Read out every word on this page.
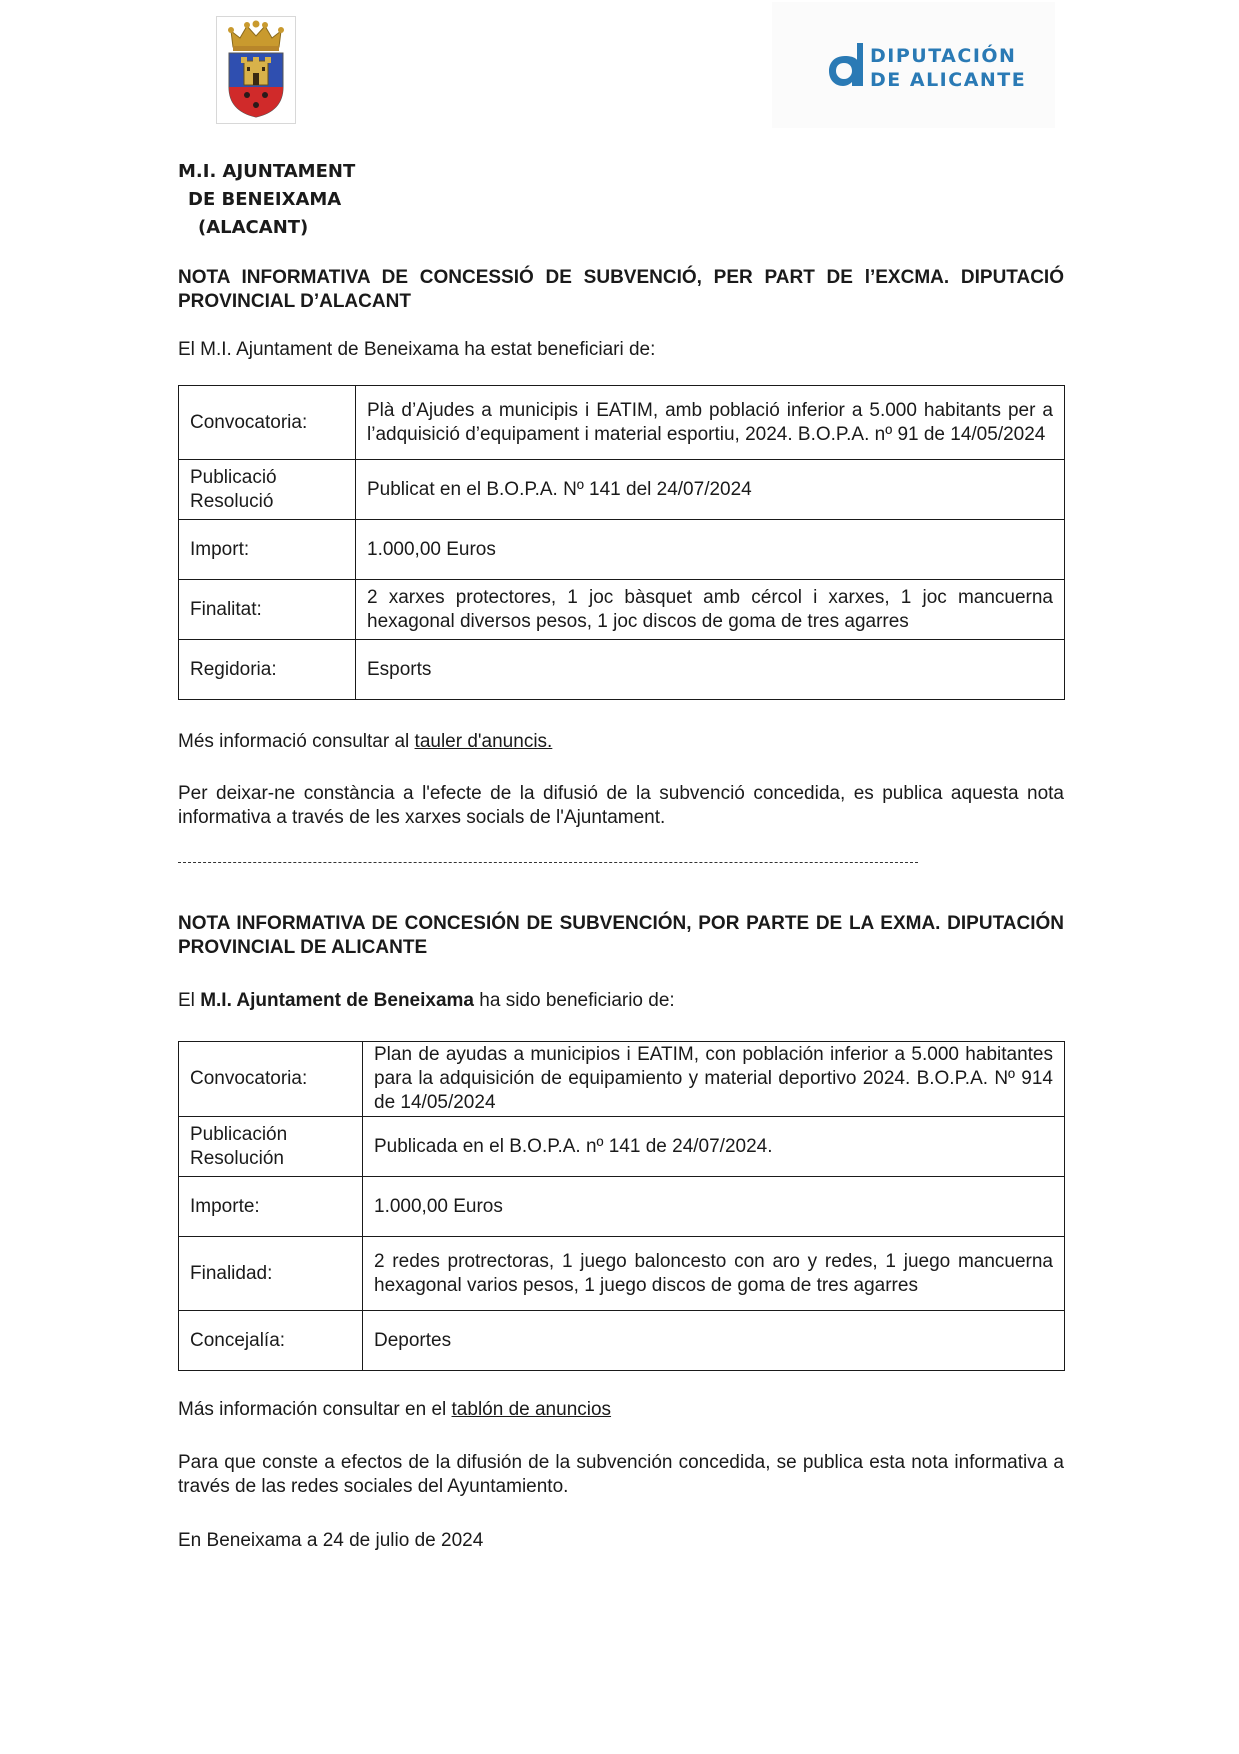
DIPUTACIÓN
DE ALICANTE
M.I. AJUNTAMENT
DE BENEIXAMA
(ALACANT)
NOTA INFORMATIVA DE CONCESSIÓ DE SUBVENCIÓ, PER PART DE l’EXCMA. DIPUTACIÓ PROVINCIAL D’ALACANT
El M.I. Ajuntament de Beneixama ha estat beneficiari de:
Convocatoria:	Plà d’Ajudes a municipis i EATIM, amb població inferior a 5.000 habitants per a l’adquisició d’equipament i material esportiu, 2024. B.O.P.A. nº 91 de 14/05/2024
Publicació Resolució	Publicat en el B.O.P.A. Nº 141 del 24/07/2024
Import:	1.000,00 Euros
Finalitat:	2 xarxes protectores, 1 joc bàsquet amb cércol i xarxes, 1 joc mancuerna hexagonal diversos pesos, 1 joc discos de goma de tres agarres
Regidoria:	Esports
Més informació consultar al tauler d'anuncis.
Per deixar-ne constància a l'efecte de la difusió de la subvenció concedida, es publica aquesta nota informativa a través de les xarxes socials de l'Ajuntament.
NOTA INFORMATIVA DE CONCESIÓN DE SUBVENCIÓN, POR PARTE DE LA EXMA. DIPUTACIÓN PROVINCIAL DE ALICANTE
El M.I. Ajuntament de Beneixama ha sido beneficiario de:
Convocatoria:	Plan de ayudas a municipios i EATIM, con población inferior a 5.000 habitantes para la adquisición de equipamiento y material deportivo 2024. B.O.P.A. Nº 914 de 14/05/2024
Publicación Resolución	Publicada en el B.O.P.A. nº 141 de 24/07/2024.
Importe:	1.000,00 Euros
Finalidad:	2 redes protrectoras, 1 juego baloncesto con aro y redes, 1 juego mancuerna hexagonal varios pesos, 1 juego discos de goma de tres agarres
Concejalía:	Deportes
Más información consultar en el tablón de anuncios
Para que conste a efectos de la difusión de la subvención concedida, se publica esta nota informativa a través de las redes sociales del Ayuntamiento.
En Beneixama a 24 de julio de 2024
